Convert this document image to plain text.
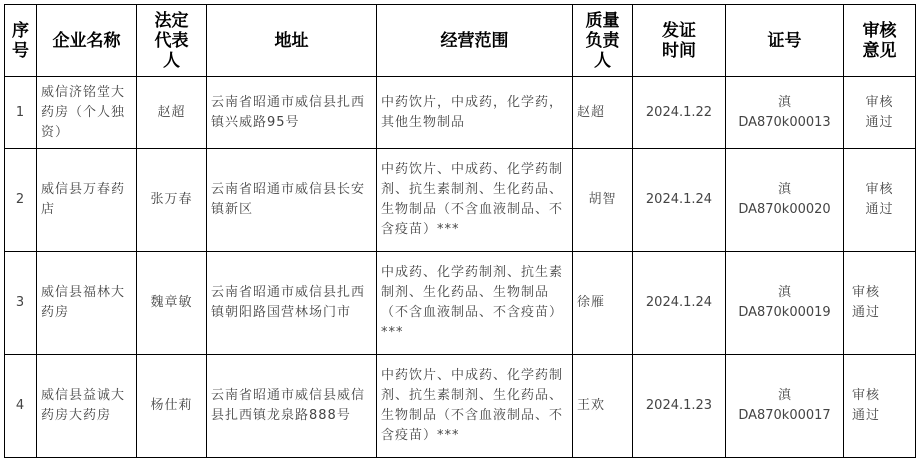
序号	企业名称	法定代表人	地址	经营范围	质量负责人	发证时间	证号	审核意见
1	威信济铭堂大药房（个人独资）	赵超	云南省昭通市威信县扎西镇兴威路95号	中药饮片，中成药，化学药，其他生物制品	赵超	2024.1.22	滇 DA870k00013	审核通过
2	威信县万春药店	张万春	云南省昭通市威信县长安镇新区	中药饮片、中成药、化学药制剂、抗生素制剂、生化药品、生物制品（不含血液制品、不含疫苗）***	胡智	2024.1.24	滇 DA870k00020	审核通过
3	威信县福林大药房	魏章敏	云南省昭通市威信县扎西镇朝阳路国营林场门市	中成药、化学药制剂、抗生素制剂、生化药品、生物制品（不含血液制品、不含疫苗）***	徐雁	2024.1.24	滇 DA870k00019	审核通过
4	威信县益诚大药房大药房	杨仕莉	云南省昭通市威信县威信县扎西镇龙泉路888号	中药饮片、中成药、化学药制剂、抗生素制剂、生化药品、生物制品（不含血液制品、不含疫苗）***	王欢	2024.1.23	滇 DA870k00017	审核通过
